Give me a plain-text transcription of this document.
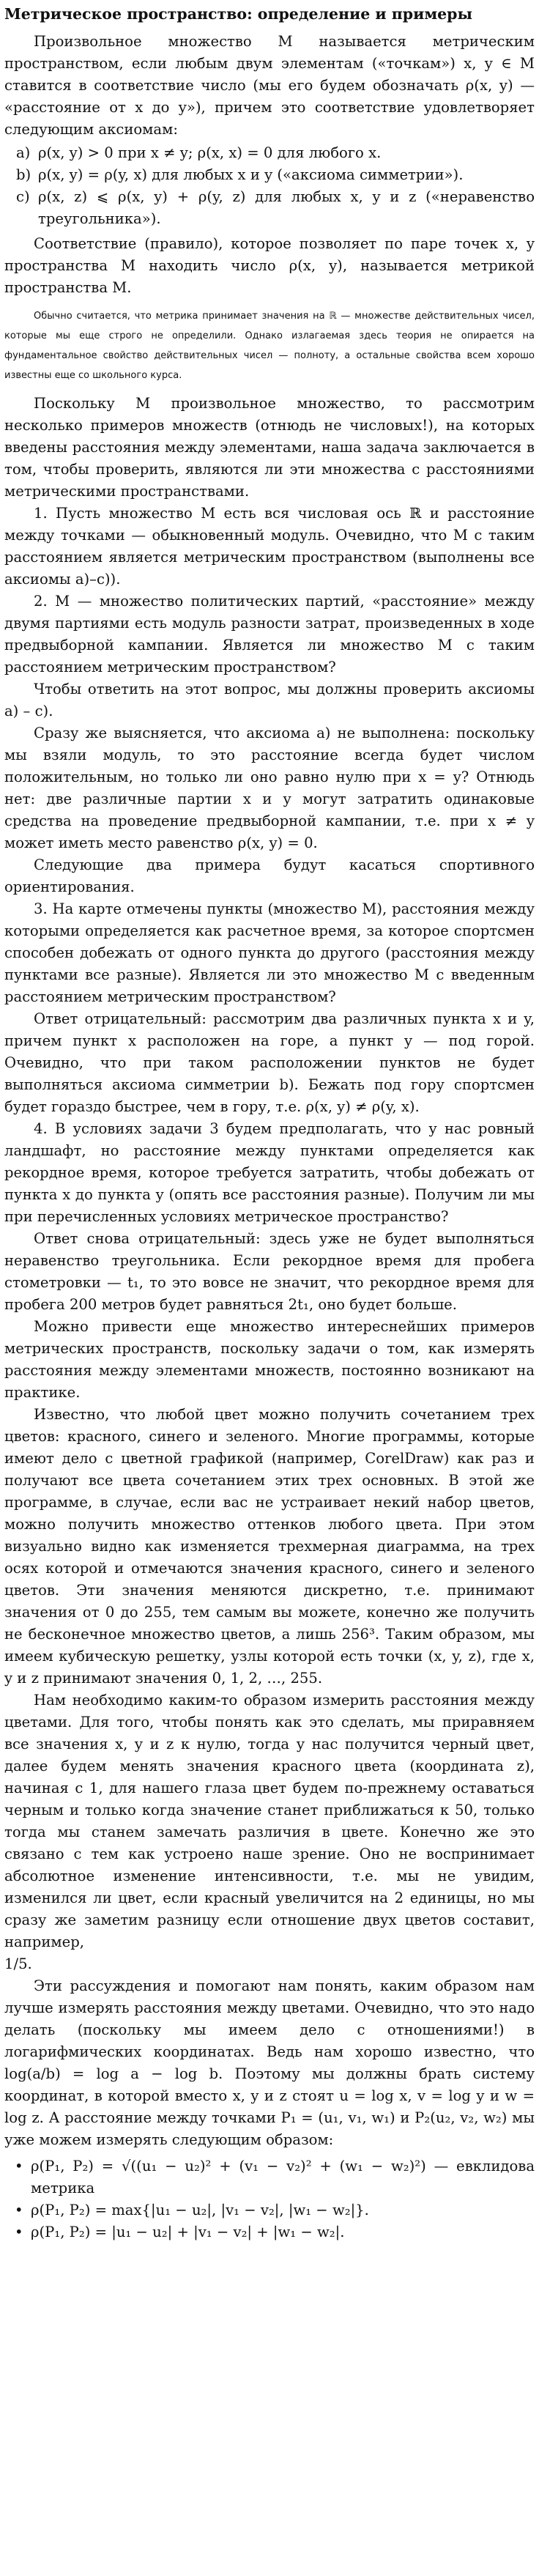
Метрическое пространство: определение и примеры

Произвольное множество M называется метрическим пространством, если любым двум элементам («точкам») x, y ∈ M ставится в соответствие число (мы его будем обозначать ρ(x, y) — «расстояние от x до y»), причем это соответствие удовлетворяет следующим аксиомам:

a) ρ(x, y) > 0 при x ≠ y; ρ(x, x) = 0 для любого x.
b) ρ(x, y) = ρ(y, x) для любых x и y («аксиома симметрии»).
c) ρ(x, z) ⩽ ρ(x, y) + ρ(y, z) для любых x, y и z («неравенство треугольника»).

Соответствие (правило), которое позволяет по паре точек x, y пространства M находить число ρ(x, y), называется метрикой пространства M.

Обычно считается, что метрика принимает значения на ℝ — множестве действительных чисел, которые мы еще строго не определили. Однако излагаемая здесь теория не опирается на фундаментальное свойство действительных чисел — полноту, а остальные свойства всем хорошо известны еще со школьного курса.

Поскольку M произвольное множество, то рассмотрим несколько примеров множеств (отнюдь не числовых!), на которых введены расстояния между элементами, наша задача заключается в том, чтобы проверить, являются ли эти множества с расстояниями метрическими пространствами.

1. Пусть множество M есть вся числовая ось ℝ и расстояние между точками — обыкновенный модуль. Очевидно, что M с таким расстоянием является метрическим пространством (выполнены все аксиомы a)–c)).

2. M — множество политических партий, «расстояние» между двумя партиями есть модуль разности затрат, произведенных в ходе предвыборной кампании. Является ли множество M с таким расстоянием метрическим пространством?

Чтобы ответить на этот вопрос, мы должны проверить аксиомы a) – c).

Сразу же выясняется, что аксиома a) не выполнена: поскольку мы взяли модуль, то это расстояние всегда будет числом положительным, но только ли оно равно нулю при x = y? Отнюдь нет: две различные партии x и y могут затратить одинаковые средства на проведение предвыборной кампании, т.е. при x ≠ y может иметь место равенство ρ(x, y) = 0.

Следующие два примера будут касаться спортивного ориентирования.

3. На карте отмечены пункты (множество M), расстояния между которыми определяется как расчетное время, за которое спортсмен способен добежать от одного пункта до другого (расстояния между пунктами все разные). Является ли это множество M с введенным расстоянием метрическим пространством?

Ответ отрицательный: рассмотрим два различных пункта x и y, причем пункт x расположен на горе, а пункт y — под горой. Очевидно, что при таком расположении пунктов не будет выполняться аксиома симметрии b). Бежать под гору спортсмен будет гораздо быстрее, чем в гору, т.е. ρ(x, y) ≠ ρ(y, x).

4. В условиях задачи 3 будем предполагать, что у нас ровный ландшафт, но расстояние между пунктами определяется как рекордное время, которое требуется затратить, чтобы добежать от пункта x до пункта y (опять все расстояния разные). Получим ли мы при перечисленных условиях метрическое пространство?

Ответ снова отрицательный: здесь уже не будет выполняться неравенство треугольника. Если рекордное время для пробега стометровки — t₁, то это вовсе не значит, что рекордное время для пробега 200 метров будет равняться 2t₁, оно будет больше.

Можно привести еще множество интереснейших примеров метрических пространств, поскольку задачи о том, как измерять расстояния между элементами множеств, постоянно возникают на практике.

Известно, что любой цвет можно получить сочетанием трех цветов: красного, синего и зеленого. Многие программы, которые имеют дело с цветной графикой (например, CorelDraw) как раз и получают все цвета сочетанием этих трех основных. В этой же программе, в случае, если вас не устраивает некий набор цветов, можно получить множество оттенков любого цвета. При этом визуально видно как изменяется трехмерная диаграмма, на трех осях которой и отмечаются значения красного, синего и зеленого цветов. Эти значения меняются дискретно, т.е. принимают значения от 0 до 255, тем самым вы можете, конечно же получить не бесконечное множество цветов, а лишь 256³. Таким образом, мы имеем кубическую решетку, узлы которой есть точки (x, y, z), где x, y и z принимают значения 0, 1, 2, …, 255.

Нам необходимо каким-то образом измерить расстояния между цветами. Для того, чтобы понять как это сделать, мы приравняем все значения x, y и z к нулю, тогда у нас получится черный цвет, далее будем менять значения красного цвета (координата z), начиная с 1, для нашего глаза цвет будем по-прежнему оставаться черным и только когда значение станет приближаться к 50, только тогда мы станем замечать различия в цвете. Конечно же это связано с тем как устроено наше зрение. Оно не воспринимает абсолютное изменение интенсивности, т.е. мы не увидим, изменился ли цвет, если красный увеличится на 2 единицы, но мы сразу же заметим разницу если отношение двух цветов составит, например,

1/5.

Эти рассуждения и помогают нам понять, каким образом нам лучше измерять расстояния между цветами. Очевидно, что это надо делать (поскольку мы имеем дело с отношениями!) в логарифмических координатах. Ведь нам хорошо известно, что log(a/b) = log a − log b. Поэтому мы должны брать систему координат, в которой вместо x, y и z стоят u = log x, v = log y и w = log z. А расстояние между точками P₁ = (u₁, v₁, w₁) и P₂(u₂, v₂, w₂) мы уже можем измерять следующим образом:

• ρ(P₁, P₂) = √((u₁ − u₂)² + (v₁ − v₂)² + (w₁ − w₂)²) — евклидова метрика
• ρ(P₁, P₂) = max{|u₁ − u₂|, |v₁ − v₂|, |w₁ − w₂|}.
• ρ(P₁, P₂) = |u₁ − u₂| + |v₁ − v₂| + |w₁ − w₂|.
